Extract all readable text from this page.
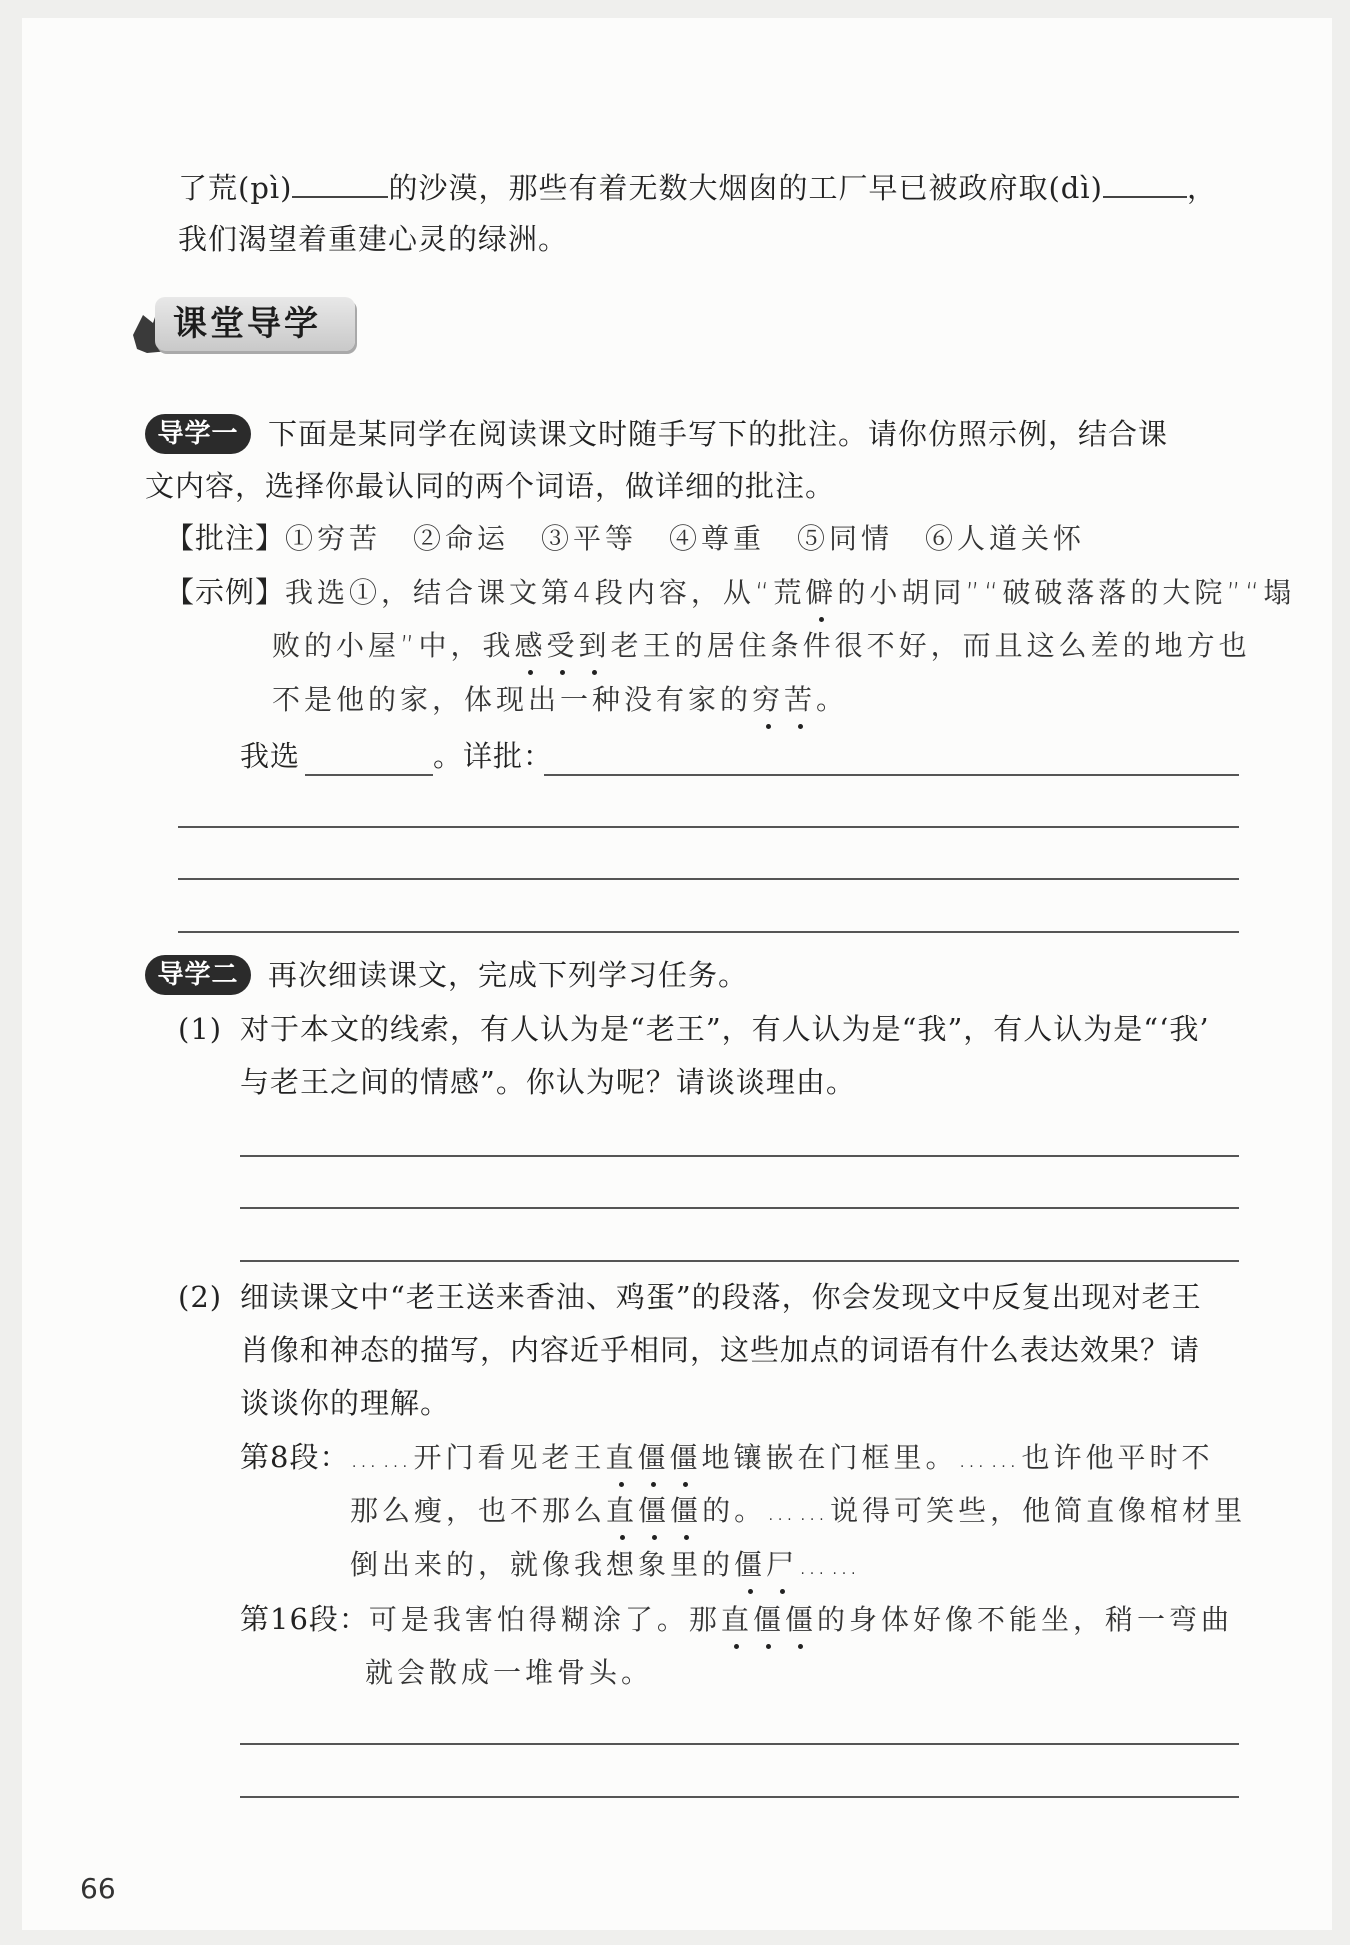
了荒(pì)	的沙漠，那些有着无数大烟囱的工厂早已被政府取(dì)	，
我们渴望着重建心灵的绿洲。
课堂导学
导学一	下面是某同学在阅读课文时随手写下的批注。请你仿照示例，结合课
文内容，选择你最认同的两个词语，做详细的批注。
【批注】①穷苦　②命运　③平等　④尊重　⑤同情　⑥人道关怀
【示例】我选①，结合课文第4段内容，从“荒僻的小胡同”“破破落落的大院”“塌
败的小屋”中，我感受到老王的居住条件很不好，而且这么差的地方也
不是他的家，体现出一种没有家的穷苦。
我选	。详批：
导学二	再次细读课文，完成下列学习任务。
(1) 对于本文的线索，有人认为是“老王”，有人认为是“我”，有人认为是“‘我’
与老王之间的情感”。你认为呢？请谈谈理由。
(2) 细读课文中“老王送来香油、鸡蛋”的段落，你会发现文中反复出现对老王
肖像和神态的描写，内容近乎相同，这些加点的词语有什么表达效果？请
谈谈你的理解。
第8段：……开门看见老王直僵僵地镶嵌在门框里。……也许他平时不
那么瘦，也不那么直僵僵的。……说得可笑些，他简直像棺材里
倒出来的，就像我想象里的僵尸……
第16段：可是我害怕得糊涂了。那直僵僵的身体好像不能坐，稍一弯曲
就会散成一堆骨头。
66
